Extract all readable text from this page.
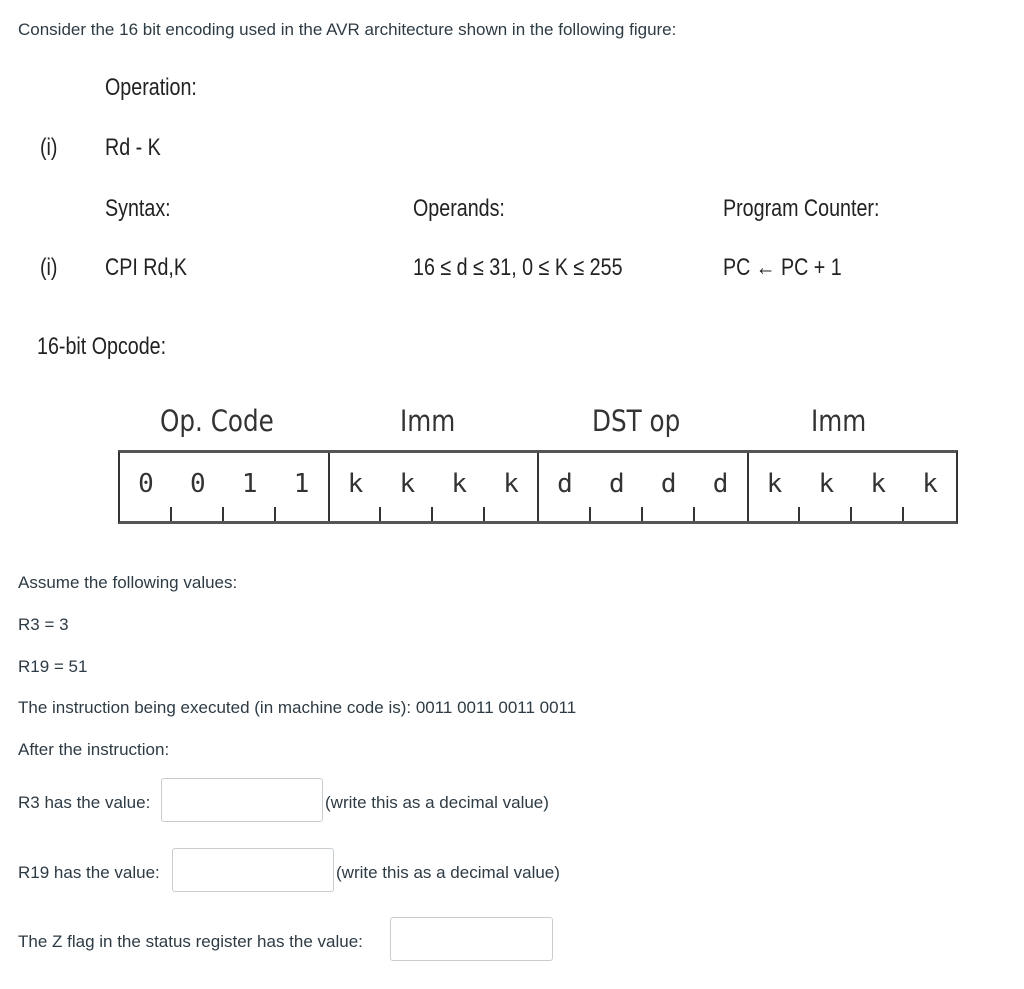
Consider the 16 bit encoding used in the AVR architecture shown in the following figure:
Operation:
(i) Rd - K
Syntax:	Operands:	Program Counter:
(i) CPI Rd,K	16 ≤ d ≤ 31, 0 ≤ K ≤ 255	PC ← PC + 1
16-bit Opcode:
Op. Code	Imm	DST op	Imm
0	0	1	1	k	k	k	k	d	d	d	d	k	k	k	k
Assume the following values:
R3 = 3
R19 = 51
The instruction being executed (in machine code is): 0011 0011 0011 0011
After the instruction:
R3 has the value:	(write this as a decimal value)
R19 has the value:	(write this as a decimal value)
The Z flag in the status register has the value:
